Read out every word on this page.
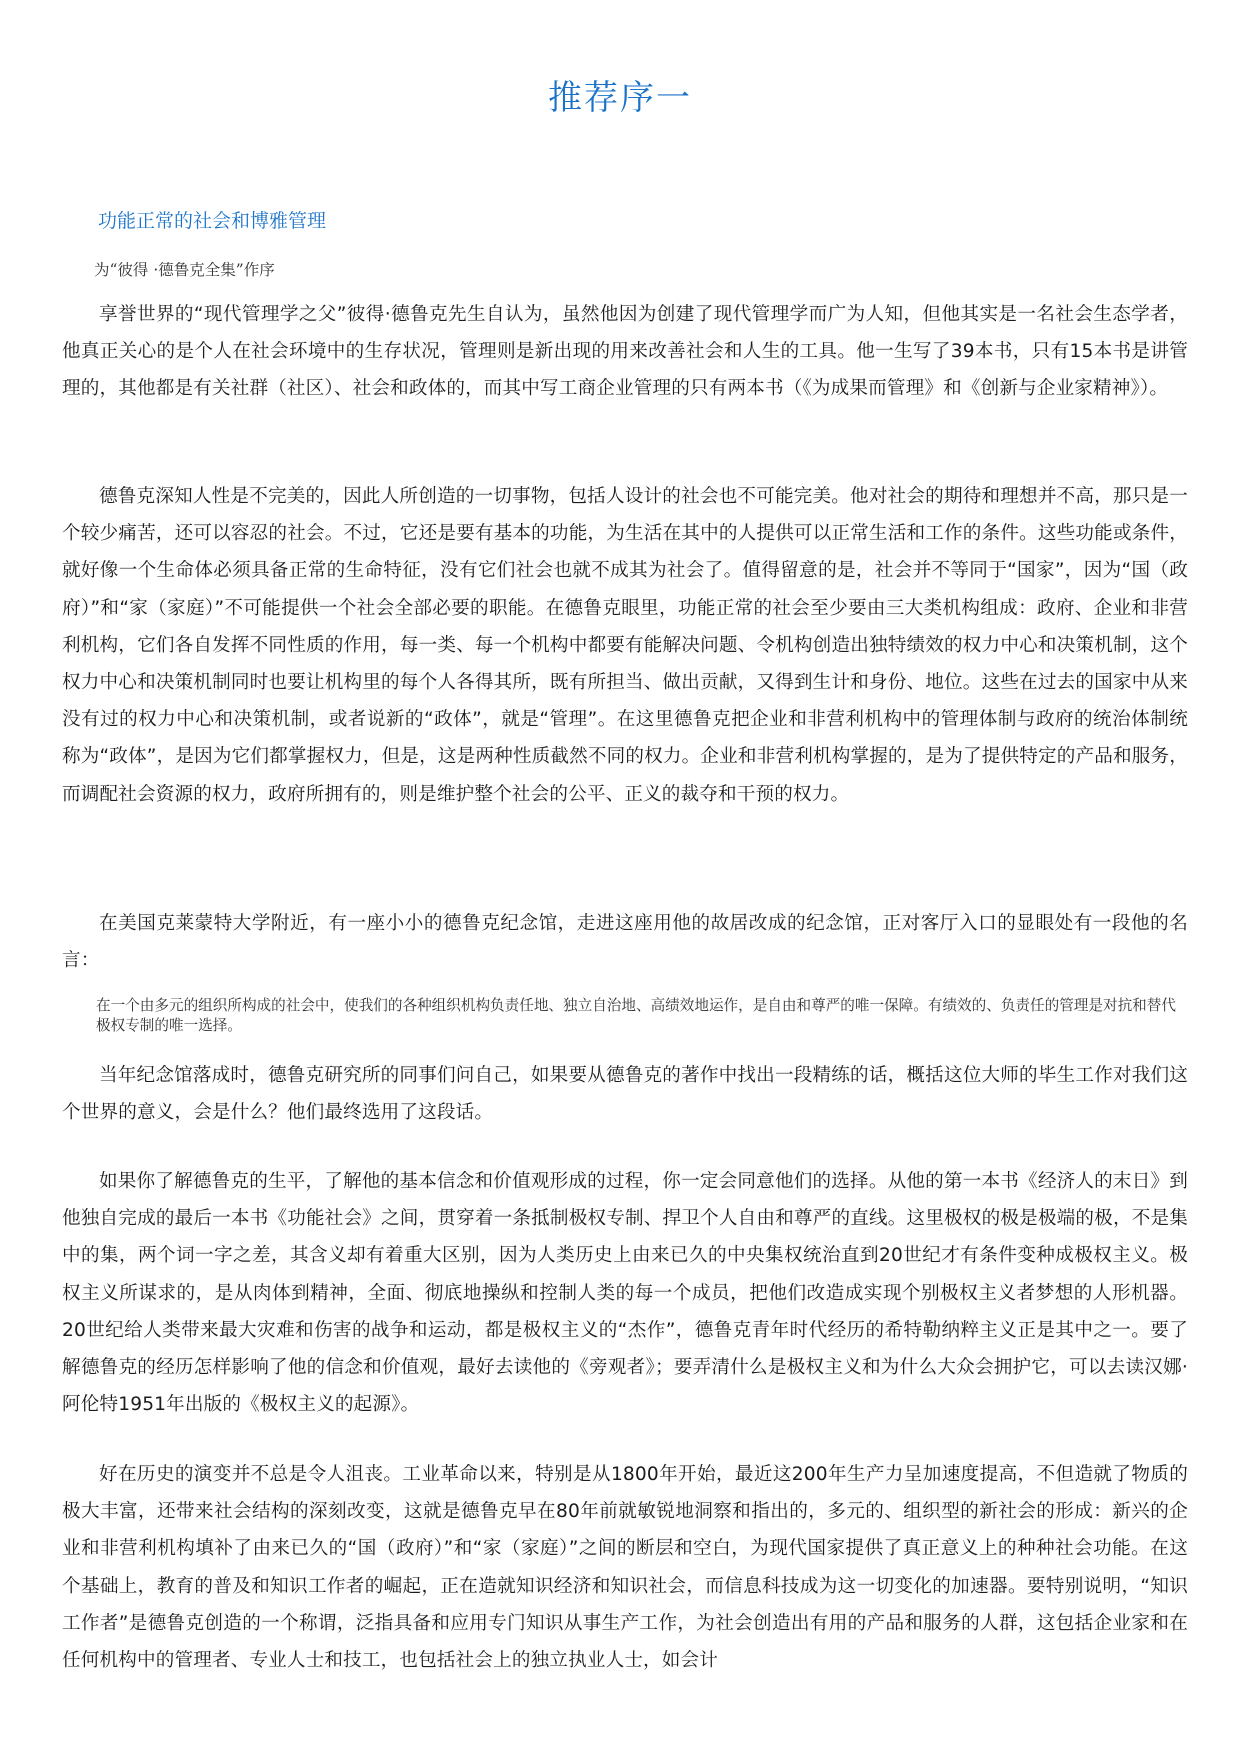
推荐序一
功能正常的社会和博雅管理
为“彼得 ·德鲁克全集”作序

享誉世界的“现代管理学之父”彼得·德鲁克先生自认为，虽然他因为创建了现代管理学而广为人知，但他其实是一名社会生态学者，他真正关心的是个人在社会环境中的生存状况，管理则是新出现的用来改善社会和人生的工具。他一生写了39本书，只有15本书是讲管理的，其他都是有关社群（社区）、社会和政体的，而其中写工商企业管理的只有两本书（《为成果而管理》和《创新与企业家精神》）。

德鲁克深知人性是不完美的，因此人所创造的一切事物，包括人设计的社会也不可能完美。他对社会的期待和理想并不高，那只是一个较少痛苦，还可以容忍的社会。不过，它还是要有基本的功能，为生活在其中的人提供可以正常生活和工作的条件。这些功能或条件，就好像一个生命体必须具备正常的生命特征，没有它们社会也就不成其为社会了。值得留意的是，社会并不等同于“国家”，因为“国（政府）”和“家（家庭）”不可能提供一个社会全部必要的职能。在德鲁克眼里，功能正常的社会至少要由三大类机构组成：政府、企业和非营利机构，它们各自发挥不同性质的作用，每一类、每一个机构中都要有能解决问题、令机构创造出独特绩效的权力中心和决策机制，这个权力中心和决策机制同时也要让机构里的每个人各得其所，既有所担当、做出贡献，又得到生计和身份、地位。这些在过去的国家中从来没有过的权力中心和决策机制，或者说新的“政体”，就是“管理”。在这里德鲁克把企业和非营利机构中的管理体制与政府的统治体制统称为“政体”，是因为它们都掌握权力，但是，这是两种性质截然不同的权力。企业和非营利机构掌握的，是为了提供特定的产品和服务，而调配社会资源的权力，政府所拥有的，则是维护整个社会的公平、正义的裁夺和干预的权力。

在美国克莱蒙特大学附近，有一座小小的德鲁克纪念馆，走进这座用他的故居改成的纪念馆，正对客厅入口的显眼处有一段他的名言：

在一个由多元的组织所构成的社会中，使我们的各种组织机构负责任地、独立自治地、高绩效地运作，是自由和尊严的唯一保障。有绩效的、负责任的管理是对抗和替代极权专制的唯一选择。

当年纪念馆落成时，德鲁克研究所的同事们问自己，如果要从德鲁克的著作中找出一段精练的话，概括这位大师的毕生工作对我们这个世界的意义，会是什么？他们最终选用了这段话。

如果你了解德鲁克的生平，了解他的基本信念和价值观形成的过程，你一定会同意他们的选择。从他的第一本书《经济人的末日》到他独自完成的最后一本书《功能社会》之间，贯穿着一条抵制极权专制、捍卫个人自由和尊严的直线。这里极权的极是极端的极，不是集中的集，两个词一字之差，其含义却有着重大区别，因为人类历史上由来已久的中央集权统治直到20世纪才有条件变种成极权主义。极权主义所谋求的，是从肉体到精神，全面、彻底地操纵和控制人类的每一个成员，把他们改造成实现个别极权主义者梦想的人形机器。20世纪给人类带来最大灾难和伤害的战争和运动，都是极权主义的“杰作”，德鲁克青年时代经历的希特勒纳粹主义正是其中之一。要了解德鲁克的经历怎样影响了他的信念和价值观，最好去读他的《旁观者》；要弄清什么是极权主义和为什么大众会拥护它，可以去读汉娜·阿伦特1951年出版的《极权主义的起源》。

好在历史的演变并不总是令人沮丧。工业革命以来，特别是从1800年开始，最近这200年生产力呈加速度提高，不但造就了物质的极大丰富，还带来社会结构的深刻改变，这就是德鲁克早在80年前就敏锐地洞察和指出的，多元的、组织型的新社会的形成：新兴的企业和非营利机构填补了由来已久的“国（政府）”和“家（家庭）”之间的断层和空白，为现代国家提供了真正意义上的种种社会功能。在这个基础上，教育的普及和知识工作者的崛起，正在造就知识经济和知识社会，而信息科技成为这一切变化的加速器。要特别说明，“知识工作者”是德鲁克创造的一个称谓，泛指具备和应用专门知识从事生产工作，为社会创造出有用的产品和服务的人群，这包括企业家和在任何机构中的管理者、专业人士和技工，也包括社会上的独立执业人士，如会计
